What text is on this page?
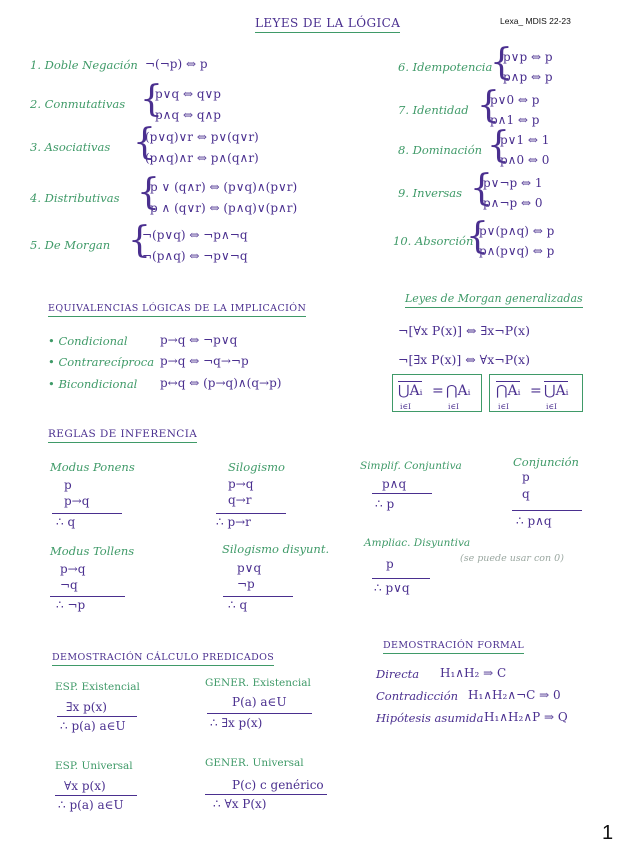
LEYES DE LA LÓGICA	Lexa_ MDIS 22-23
1. Doble Negación ¬(¬p) ⇔ p
2. Conmutativas {
p∨q ⇔ q∨p
p∧q ⇔ q∧p
3. Asociativas {
(p∨q)∨r ⇔ p∨(q∨r)
(p∧q)∧r ⇔ p∧(q∧r)
4. Distributivas {
p ∨ (q∧r) ⇔ (p∨q)∧(p∨r)
p ∧ (q∨r) ⇔ (p∧q)∨(p∧r)
5. De Morgan {
¬(p∨q) ⇔ ¬p∧¬q
¬(p∧q) ⇔ ¬p∨¬q
6. Idempotencia
{
p∨p ⇔ p
p∧p ⇔ p
7. Identidad {
p∨0 ⇔ p
p∧1 ⇔ p
8. Dominación {
p∨1 ⇔ 1
p∧0 ⇔ 0
9. Inversas {
p∨¬p ⇔ 1
p∧¬p ⇔ 0
10. Absorción
{
p∨(p∧q) ⇔ p
p∧(p∨q) ⇔ p
EQUIVALENCIAS LÓGICAS DE LA IMPLICACIÓN
• Condicional	p→q ⇔ ¬p∨q
• Contrarecíproca p→q ⇔ ¬q→¬p
• Bicondicional p↔q ⇔ (p→q)∧(q→p)
Leyes de Morgan generalizadas
¬[∀x P(x)] ⇔ ∃x¬P(x)
¬[∃x P(x)] ⇔ ∀x¬P(x)
⋃Aᵢ = ⋂Aᵢ
i∈I	i∈I
⋂Aᵢ = ⋃Aᵢ
i∈I	i∈I
REGLAS DE INFERENCIA
Modus Ponens
p
p→q
∴ q
Silogismo
p→q
q→r
∴ p→r
Simplif. Conjuntiva
p∧q
∴ p
Conjunción
p
q
∴ p∧q
Modus Tollens
p→q
¬q
∴ ¬p
Silogismo disyunt.
p∨q
¬p
∴ q
Ampliac. Disyuntiva
(se puede usar con 0)
p
∴ p∨q
DEMOSTRACIÓN CÁLCULO PREDICADOS
ESP. Existencial
∃x p(x)
∴ p(a) a∈U
GENER. Existencial
P(a) a∈U
∴ ∃x p(x)
ESP. Universal
∀x p(x)
∴ p(a) a∈U
GENER. Universal
P(c) c genérico
∴ ∀x P(x)
DEMOSTRACIÓN FORMAL
Directa H₁∧H₂ ⇒ C
Contradicción H₁∧H₂∧¬C ⇒ 0
Hipótesis asumida H₁∧H₂∧P ⇒ Q
1
